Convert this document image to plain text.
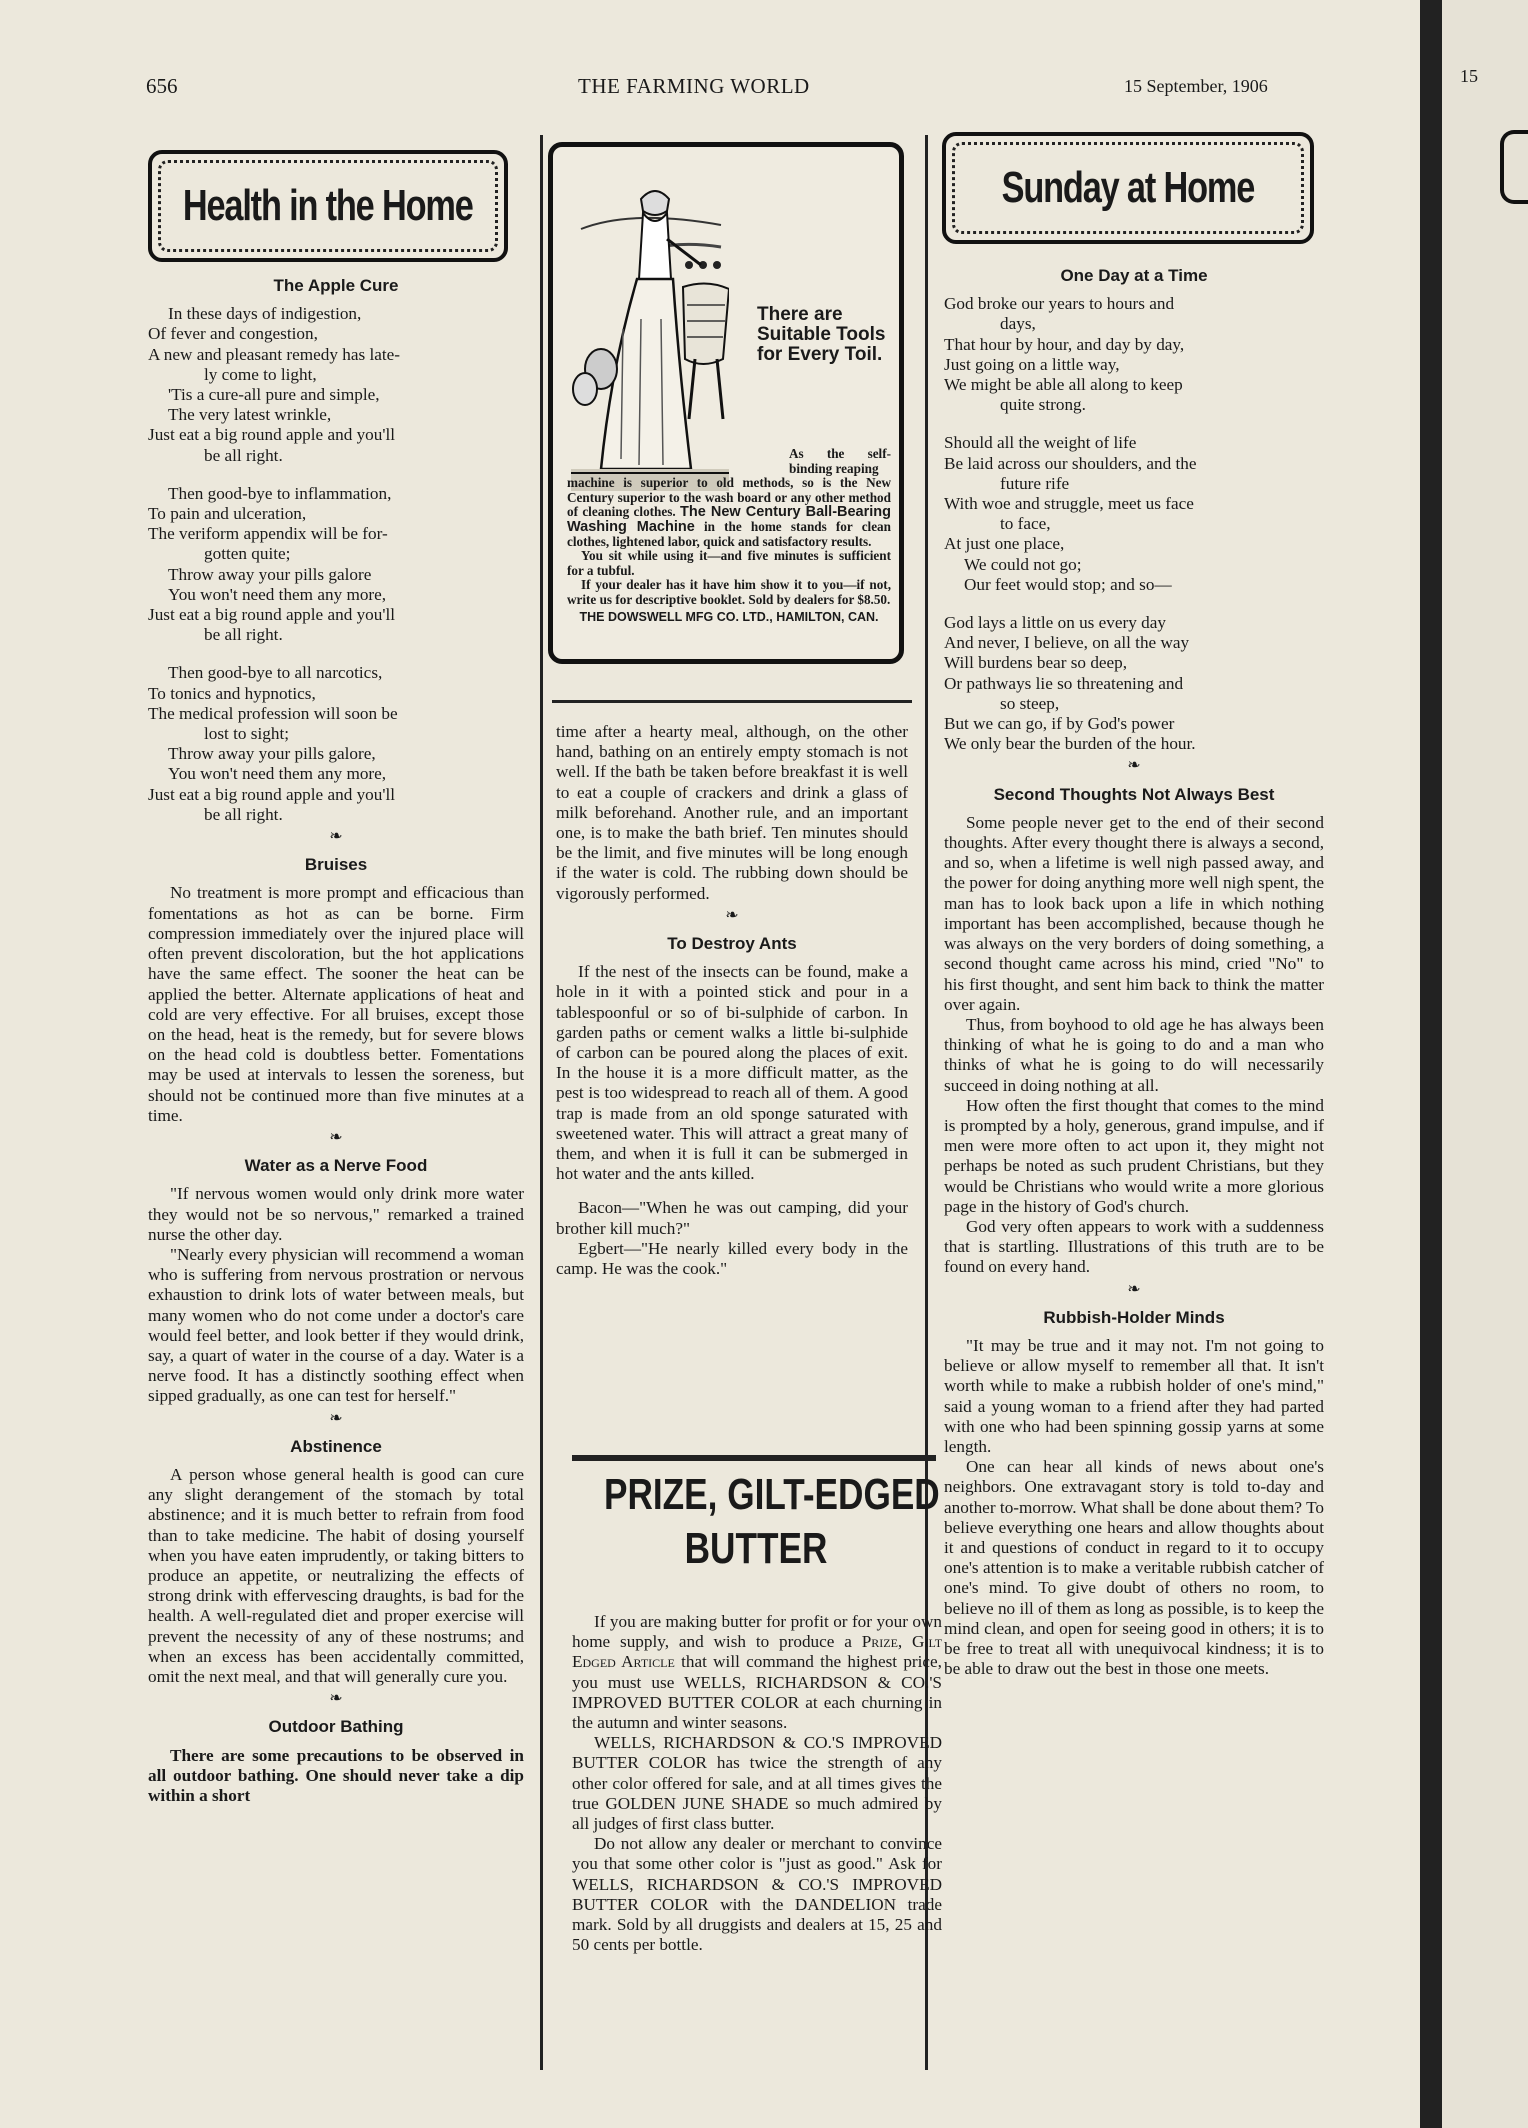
656	THE FARMING WORLD	15 September, 1906
Health in the Home
The Apple Cure
In these days of indigestion,
Of fever and congestion,
A new and pleasant remedy has late-
ly come to light,
'Tis a cure-all pure and simple,
The very latest wrinkle,
Just eat a big round apple and you'll
be all right.
Then good-bye to inflammation,
To pain and ulceration,
The veriform appendix will be for-
gotten quite;
Throw away your pills galore
You won't need them any more,
Just eat a big round apple and you'll
be all right.
Then good-bye to all narcotics,
To tonics and hypnotics,
The medical profession will soon be
lost to sight;
Throw away your pills galore,
You won't need them any more,
Just eat a big round apple and you'll
be all right.
❧
Bruises

No treatment is more prompt and efficacious than fomentations as hot as can be borne. Firm compression immediately over the injured place will often prevent discoloration, but the hot applications have the same effect. The sooner the heat can be applied the better. Alternate applications of heat and cold are very effective. For all bruises, except those on the head, heat is the remedy, but for severe blows on the head cold is doubtless better. Fomentations may be used at intervals to lessen the soreness, but should not be continued more than five minutes at a time.

❧
Water as a Nerve Food

"If nervous women would only drink more water they would not be so nervous," remarked a trained nurse the other day.

"Nearly every physician will recommend a woman who is suffering from nervous prostration or nervous exhaustion to drink lots of water between meals, but many women who do not come under a doctor's care would feel better, and look better if they would drink, say, a quart of water in the course of a day. Water is a nerve food. It has a distinctly soothing effect when sipped gradually, as one can test for herself."

❧
Abstinence

A person whose general health is good can cure any slight derangement of the stomach by total abstinence; and it is much better to refrain from food than to take medicine. The habit of dosing yourself when you have eaten imprudently, or taking bitters to produce an appetite, or neutralizing the effects of strong drink with effervescing draughts, is bad for the health. A well-regulated diet and proper exercise will prevent the necessity of any of these nostrums; and when an excess has been accidentally committed, omit the next meal, and that will generally cure you.

❧
Outdoor Bathing

There are some precautions to be observed in all outdoor bathing. One should never take a dip within a short

There are Suitable Tools for Every Toil.

As the self-binding reaping

machine is superior to old methods, so is the New Century superior to the wash board or any other method of cleaning clothes. The New Century Ball-Bearing Washing Machine in the home stands for clean clothes, lightened labor, quick and satisfactory results.

You sit while using it—and five minutes is sufficient for a tubful.

If your dealer has it have him show it to you—if not, write us for descriptive booklet. Sold by dealers for $8.50.

THE DOWSWELL MFG CO. LTD., HAMILTON, CAN.

time after a hearty meal, although, on the other hand, bathing on an entirely empty stomach is not well. If the bath be taken before breakfast it is well to eat a couple of crackers and drink a glass of milk beforehand. Another rule, and an important one, is to make the bath brief. Ten minutes should be the limit, and five minutes will be long enough if the water is cold. The rubbing down should be vigorously performed.

❧
To Destroy Ants

If the nest of the insects can be found, make a hole in it with a pointed stick and pour in a tablespoonful or so of bi-sulphide of carbon. In garden paths or cement walks a little bi-sulphide of carbon can be poured along the places of exit. In the house it is a more difficult matter, as the pest is too widespread to reach all of them. A good trap is made from an old sponge saturated with sweetened water. This will attract a great many of them, and when it is full it can be submerged in hot water and the ants killed.

Bacon—"When he was out camping, did your brother kill much?"

Egbert—"He nearly killed every body in the camp. He was the cook."

PRIZE, GILT-EDGED
BUTTER

If you are making butter for profit or for your own home supply, and wish to produce a Prize, Gilt Edged Article that will command the highest price, you must use WELLS, RICHARDSON & CO.'S IMPROVED BUTTER COLOR at each churning in the autumn and winter seasons.

WELLS, RICHARDSON & CO.'S IMPROVED BUTTER COLOR has twice the strength of any other color offered for sale, and at all times gives the true GOLDEN JUNE SHADE so much admired by all judges of first class butter.

Do not allow any dealer or merchant to convince you that some other color is "just as good." Ask for WELLS, RICHARDSON & CO.'S IMPROVED BUTTER COLOR with the DANDELION trade mark. Sold by all druggists and dealers at 15, 25 and 50 cents per bottle.

Sunday at Home
One Day at a Time
God broke our years to hours and
days,
That hour by hour, and day by day,
Just going on a little way,
We might be able all along to keep
quite strong.
Should all the weight of life
Be laid across our shoulders, and the
future rife
With woe and struggle, meet us face
to face,
At just one place,
We could not go;
Our feet would stop; and so—
God lays a little on us every day
And never, I believe, on all the way
Will burdens bear so deep,
Or pathways lie so threatening and
so steep,
But we can go, if by God's power
We only bear the burden of the hour.
❧
Second Thoughts Not Always Best

Some people never get to the end of their second thoughts. After every thought there is always a second, and so, when a lifetime is well nigh passed away, and the power for doing anything more well nigh spent, the man has to look back upon a life in which nothing important has been accomplished, because though he was always on the very borders of doing something, a second thought came across his mind, cried "No" to his first thought, and sent him back to think the matter over again.

Thus, from boyhood to old age he has always been thinking of what he is going to do and a man who thinks of what he is going to do will necessarily succeed in doing nothing at all.

How often the first thought that comes to the mind is prompted by a holy, generous, grand impulse, and if men were more often to act upon it, they might not perhaps be noted as such prudent Christians, but they would be Christians who would write a more glorious page in the history of God's church.

God very often appears to work with a suddenness that is startling. Illustrations of this truth are to be found on every hand.

❧
Rubbish-Holder Minds

"It may be true and it may not. I'm not going to believe or allow myself to remember all that. It isn't worth while to make a rubbish holder of one's mind," said a young woman to a friend after they had parted with one who had been spinning gossip yarns at some length.

One can hear all kinds of news about one's neighbors. One extravagant story is told to-day and another to-morrow. What shall be done about them? To believe everything one hears and allow thoughts about it and questions of conduct in regard to it to occupy one's attention is to make a veritable rubbish catcher of one's mind. To give doubt of others no room, to believe no ill of them as long as possible, is to keep the mind clean, and open for seeing good in others; it is to be free to treat all with unequivocal kindness; it is to be able to draw out the best in those one meets.

15
